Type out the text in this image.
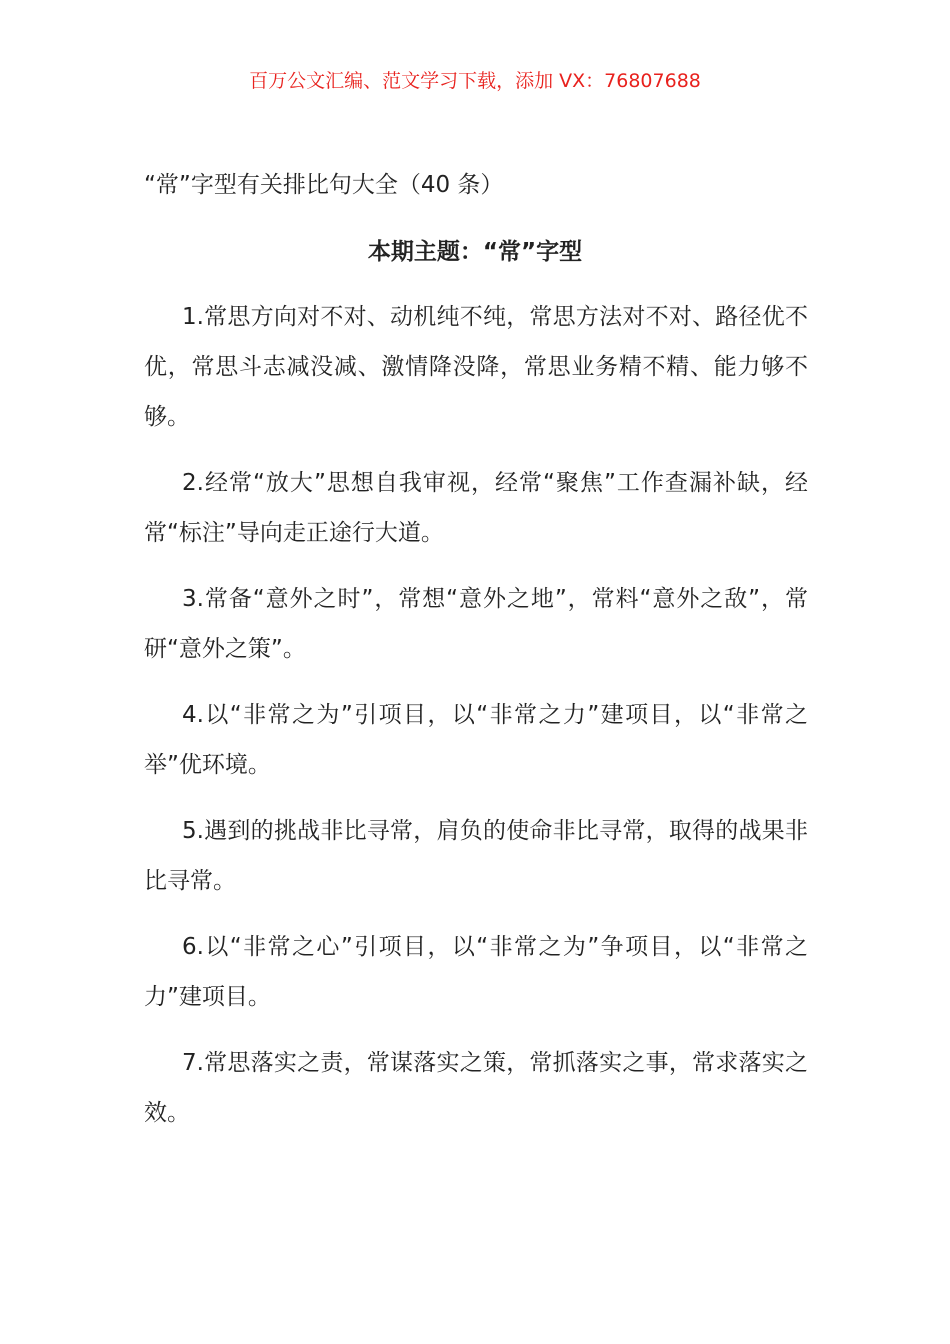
百万公文汇编、范文学习下载，添加 VX：76807688
“常”字型有关排比句大全（40 条）
本期主题：“常”字型

1.常思方向对不对、动机纯不纯，常思方法对不对、路径优不优，常思斗志减没减、激情降没降，常思业务精不精、能力够不够。

2.经常“放大”思想自我审视，经常“聚焦”工作查漏补缺，经常“标注”导向走正途行大道。

3.常备“意外之时”，常想“意外之地”，常料“意外之敌”，常研“意外之策”。

4.以“非常之为”引项目，以“非常之力”建项目，以“非常之举”优环境。

5.遇到的挑战非比寻常，肩负的使命非比寻常，取得的战果非比寻常。

6.以“非常之心”引项目，以“非常之为”争项目，以“非常之力”建项目。

7.常思落实之责，常谋落实之策，常抓落实之事，常求落实之效。
